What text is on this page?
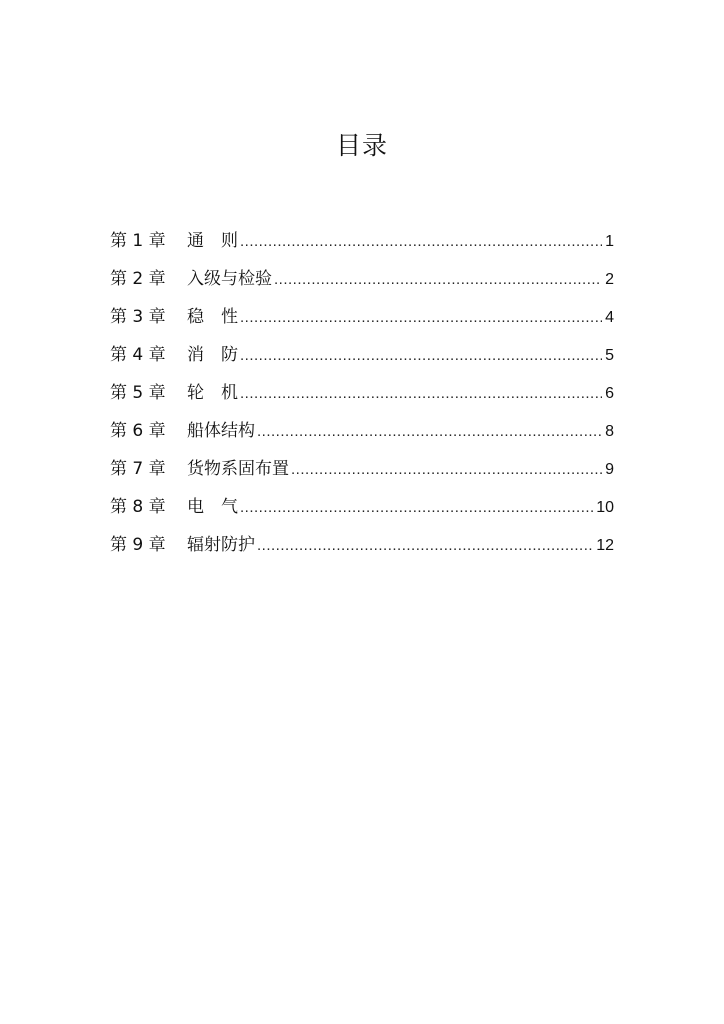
目录
第 1 章	通　则 .....	1
第 2 章	入级与检验 .....	2
第 3 章	稳　性 .....	4
第 4 章	消　防 .....	5
第 5 章	轮　机 .....	6
第 6 章	船体结构 .....	8
第 7 章	货物系固布置 .....	9
第 8 章	电　气 .....	10
第 9 章	辐射防护 .....	12
